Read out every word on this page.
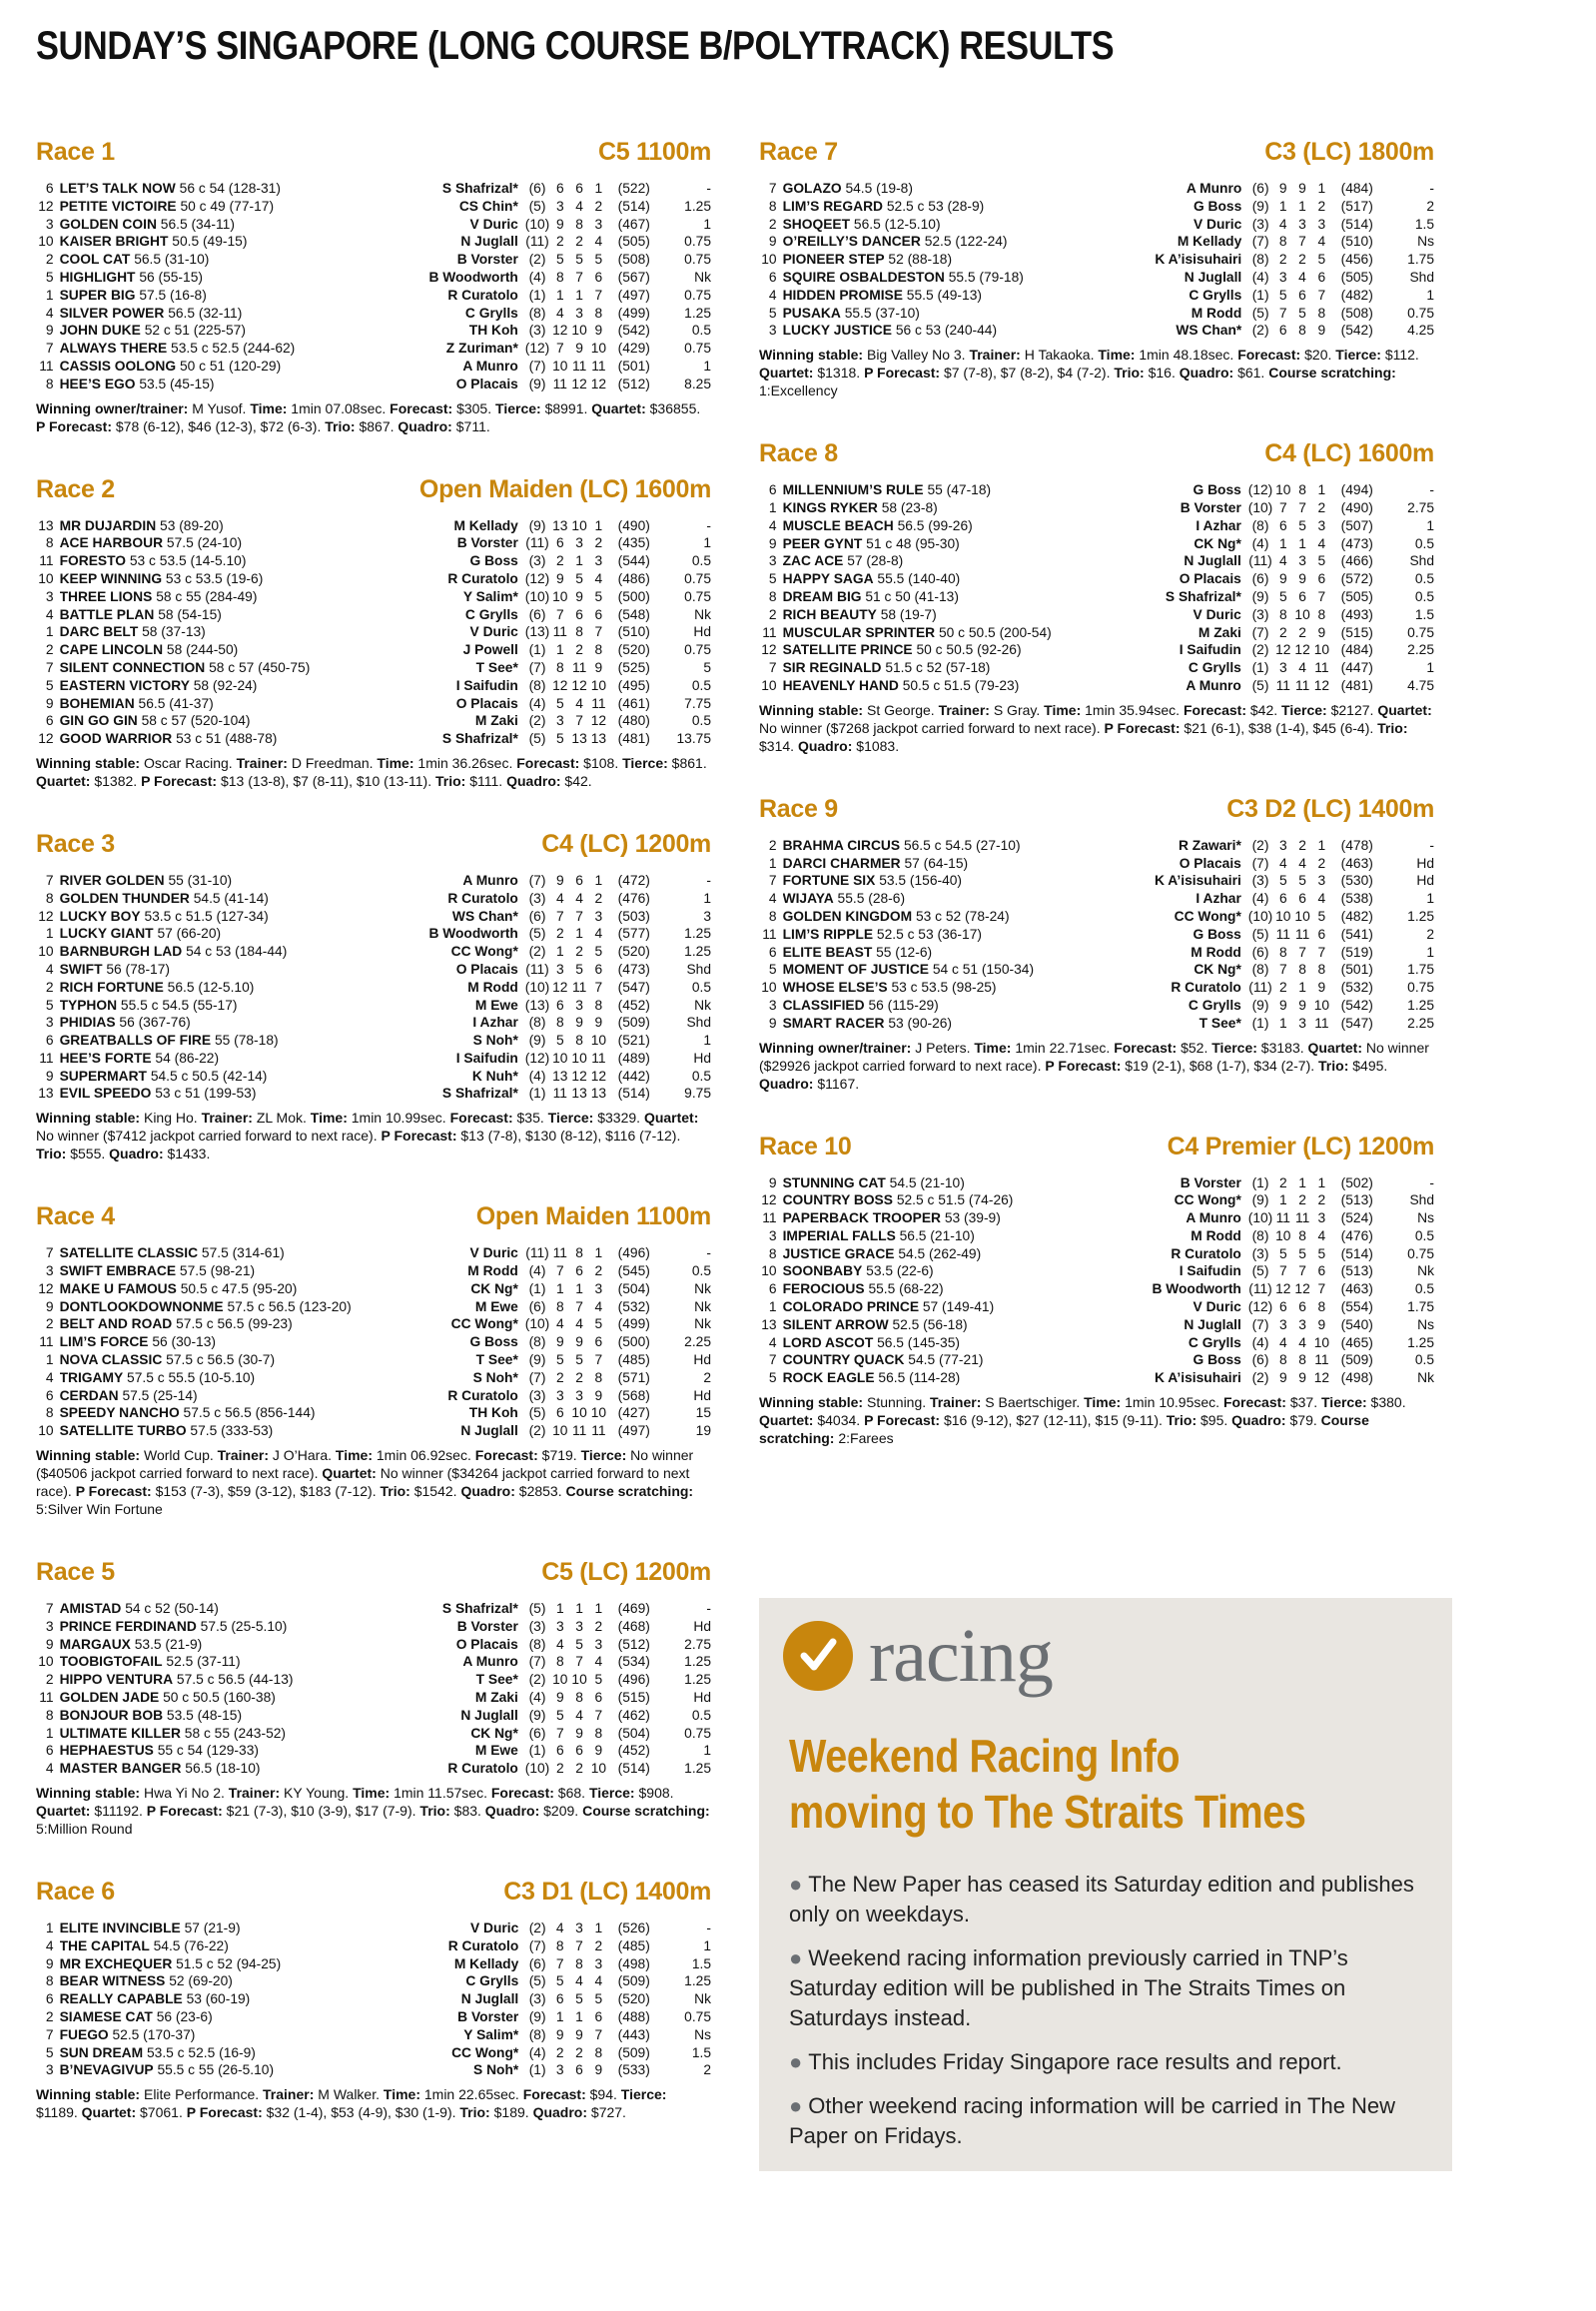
SUNDAY’S SINGAPORE (LONG COURSE B/POLYTRACK) RESULTS
Race 1	C5 1100m
6	LET’S TALK NOW 56 c 54 (128-31)	S Shafrizal*	(6)	6	6	1	(522)	-
12	PETITE VICTOIRE 50 c 49 (77-17)	CS Chin*	(5)	3	4	2	(514)	1.25
3	GOLDEN COIN 56.5 (34-11)	V Duric	(10)	9	8	3	(467)	1
10	KAISER BRIGHT 50.5 (49-15)	N Juglall	(11)	2	2	4	(505)	0.75
2	COOL CAT 56.5 (31-10)	B Vorster	(2)	5	5	5	(508)	0.75
5	HIGHLIGHT 56 (55-15)	B Woodworth	(4)	8	7	6	(567)	Nk
1	SUPER BIG 57.5 (16-8)	R Curatolo	(1)	1	1	7	(497)	0.75
4	SILVER POWER 56.5 (32-11)	C Grylls	(8)	4	3	8	(499)	1.25
9	JOHN DUKE 52 c 51 (225-57)	TH Koh	(3)	12	10	9	(542)	0.5
7	ALWAYS THERE 53.5 c 52.5 (244-62)	Z Zuriman*	(12)	7	9	10	(429)	0.75
11	CASSIS OOLONG 50 c 51 (120-29)	A Munro	(7)	10	11	11	(501)	1
8	HEE’S EGO 53.5 (45-15)	O Placais	(9)	11	12	12	(512)	8.25
Winning owner/trainer: M Yusof. Time: 1min 07.08sec. Forecast: $305. Tierce: $8991. Quartet: $36855. P Forecast: $78 (6-12), $46 (12-3), $72 (6-3). Trio: $867. Quadro: $711.
Race 2	Open Maiden (LC) 1600m
13	MR DUJARDIN 53 (89-20)	M Kellady	(9)	13	10	1	(490)	-
8	ACE HARBOUR 57.5 (24-10)	B Vorster	(11)	6	3	2	(435)	1
11	FORESTO 53 c 53.5 (14-5.10)	G Boss	(3)	2	1	3	(544)	0.5
10	KEEP WINNING 53 c 53.5 (19-6)	R Curatolo	(12)	9	5	4	(486)	0.75
3	THREE LIONS 58 c 55 (284-49)	Y Salim*	(10)	10	9	5	(500)	0.75
4	BATTLE PLAN 58 (54-15)	C Grylls	(6)	7	6	6	(548)	Nk
1	DARC BELT 58 (37-13)	V Duric	(13)	11	8	7	(510)	Hd
2	CAPE LINCOLN 58 (244-50)	J Powell	(1)	1	2	8	(520)	0.75
7	SILENT CONNECTION 58 c 57 (450-75)	T See*	(7)	8	11	9	(525)	5
5	EASTERN VICTORY 58 (92-24)	I Saifudin	(8)	12	12	10	(495)	0.5
9	BOHEMIAN 56.5 (41-37)	O Placais	(4)	5	4	11	(461)	7.75
6	GIN GO GIN 58 c 57 (520-104)	M Zaki	(2)	3	7	12	(480)	0.5
12	GOOD WARRIOR 53 c 51 (488-78)	S Shafrizal*	(5)	5	13	13	(481)	13.75
Winning stable: Oscar Racing. Trainer: D Freedman. Time: 1min 36.26sec. Forecast: $108. Tierce: $861. Quartet: $1382. P Forecast: $13 (13-8), $7 (8-11), $10 (13-11). Trio: $111. Quadro: $42.
Race 3	C4 (LC) 1200m
7	RIVER GOLDEN 55 (31-10)	A Munro	(7)	9	6	1	(472)	-
8	GOLDEN THUNDER 54.5 (41-14)	R Curatolo	(3)	4	4	2	(476)	1
12	LUCKY BOY 53.5 c 51.5 (127-34)	WS Chan*	(6)	7	7	3	(503)	3
1	LUCKY GIANT 57 (66-20)	B Woodworth	(5)	2	1	4	(577)	1.25
10	BARNBURGH LAD 54 c 53 (184-44)	CC Wong*	(2)	1	2	5	(520)	1.25
4	SWIFT 56 (78-17)	O Placais	(11)	3	5	6	(473)	Shd
2	RICH FORTUNE 56.5 (12-5.10)	M Rodd	(10)	12	11	7	(547)	0.5
5	TYPHON 55.5 c 54.5 (55-17)	M Ewe	(13)	6	3	8	(452)	Nk
3	PHIDIAS 56 (367-76)	I Azhar	(8)	8	9	9	(509)	Shd
6	GREATBALLS OF FIRE 55 (78-18)	S Noh*	(9)	5	8	10	(521)	1
11	HEE’S FORTE 54 (86-22)	I Saifudin	(12)	10	10	11	(489)	Hd
9	SUPERMART 54.5 c 50.5 (42-14)	K Nuh*	(4)	13	12	12	(442)	0.5
13	EVIL SPEEDO 53 c 51 (199-53)	S Shafrizal*	(1)	11	13	13	(514)	9.75
Winning stable: King Ho. Trainer: ZL Mok. Time: 1min 10.99sec. Forecast: $35. Tierce: $3329. Quartet: No winner ($7412 jackpot carried forward to next race). P Forecast: $13 (7-8), $130 (8-12), $116 (7-12). Trio: $555. Quadro: $1433.
Race 4	Open Maiden 1100m
7	SATELLITE CLASSIC 57.5 (314-61)	V Duric	(11)	11	8	1	(496)	-
3	SWIFT EMBRACE 57.5 (98-21)	M Rodd	(4)	7	6	2	(545)	0.5
12	MAKE U FAMOUS 50.5 c 47.5 (95-20)	CK Ng*	(1)	1	1	3	(504)	Nk
9	DONTLOOKDOWNONME 57.5 c 56.5 (123-20)	M Ewe	(6)	8	7	4	(532)	Nk
2	BELT AND ROAD 57.5 c 56.5 (99-23)	CC Wong*	(10)	4	4	5	(499)	Nk
11	LIM’S FORCE 56 (30-13)	G Boss	(8)	9	9	6	(500)	2.25
1	NOVA CLASSIC 57.5 c 56.5 (30-7)	T See*	(9)	5	5	7	(485)	Hd
4	TRIGAMY 57.5 c 55.5 (10-5.10)	S Noh*	(7)	2	2	8	(571)	2
6	CERDAN 57.5 (25-14)	R Curatolo	(3)	3	3	9	(568)	Hd
8	SPEEDY NANCHO 57.5 c 56.5 (856-144)	TH Koh	(5)	6	10	10	(427)	15
10	SATELLITE TURBO 57.5 (333-53)	N Juglall	(2)	10	11	11	(497)	19
Winning stable: World Cup. Trainer: J O’Hara. Time: 1min 06.92sec. Forecast: $719. Tierce: No winner ($40506 jackpot carried forward to next race). Quartet: No winner ($34264 jackpot carried forward to next race). P Forecast: $153 (7-3), $59 (3-12), $183 (7-12). Trio: $1542. Quadro: $2853. Course scratching: 5:Silver Win Fortune
Race 5	C5 (LC) 1200m
7	AMISTAD 54 c 52 (50-14)	S Shafrizal*	(5)	1	1	1	(469)	-
3	PRINCE FERDINAND 57.5 (25-5.10)	B Vorster	(3)	3	3	2	(468)	Hd
9	MARGAUX 53.5 (21-9)	O Placais	(8)	4	5	3	(512)	2.75
10	TOOBIGTOFAIL 52.5 (37-11)	A Munro	(7)	8	7	4	(534)	1.25
2	HIPPO VENTURA 57.5 c 56.5 (44-13)	T See*	(2)	10	10	5	(496)	1.25
11	GOLDEN JADE 50 c 50.5 (160-38)	M Zaki	(4)	9	8	6	(515)	Hd
8	BONJOUR BOB 53.5 (48-15)	N Juglall	(9)	5	4	7	(462)	0.5
1	ULTIMATE KILLER 58 c 55 (243-52)	CK Ng*	(6)	7	9	8	(504)	0.75
6	HEPHAESTUS 55 c 54 (129-33)	M Ewe	(1)	6	6	9	(452)	1
4	MASTER BANGER 56.5 (18-10)	R Curatolo	(10)	2	2	10	(514)	1.25
Winning stable: Hwa Yi No 2. Trainer: KY Young. Time: 1min 11.57sec. Forecast: $68. Tierce: $908. Quartet: $11192. P Forecast: $21 (7-3), $10 (3-9), $17 (7-9). Trio: $83. Quadro: $209. Course scratching: 5:Million Round
Race 6	C3 D1 (LC) 1400m
1	ELITE INVINCIBLE 57 (21-9)	V Duric	(2)	4	3	1	(526)	-
4	THE CAPITAL 54.5 (76-22)	R Curatolo	(7)	8	7	2	(485)	1
9	MR EXCHEQUER 51.5 c 52 (94-25)	M Kellady	(6)	7	8	3	(498)	1.5
8	BEAR WITNESS 52 (69-20)	C Grylls	(5)	5	4	4	(509)	1.25
6	REALLY CAPABLE 53 (60-19)	N Juglall	(3)	6	5	5	(520)	Nk
2	SIAMESE CAT 56 (23-6)	B Vorster	(9)	1	1	6	(488)	0.75
7	FUEGO 52.5 (170-37)	Y Salim*	(8)	9	9	7	(443)	Ns
5	SUN DREAM 53.5 c 52.5 (16-9)	CC Wong*	(4)	2	2	8	(509)	1.5
3	B’NEVAGIVUP 55.5 c 55 (26-5.10)	S Noh*	(1)	3	6	9	(533)	2
Winning stable: Elite Performance. Trainer: M Walker. Time: 1min 22.65sec. Forecast: $94. Tierce: $1189. Quartet: $7061. P Forecast: $32 (1-4), $53 (4-9), $30 (1-9). Trio: $189. Quadro: $727.
Race 7	C3 (LC) 1800m
7	GOLAZO 54.5 (19-8)	A Munro	(6)	9	9	1	(484)	-
8	LIM’S REGARD 52.5 c 53 (28-9)	G Boss	(9)	1	1	2	(517)	2
2	SHOQEET 56.5 (12-5.10)	V Duric	(3)	4	3	3	(514)	1.5
9	O’REILLY’S DANCER 52.5 (122-24)	M Kellady	(7)	8	7	4	(510)	Ns
10	PIONEER STEP 52 (88-18)	K A’isisuhairi	(8)	2	2	5	(456)	1.75
6	SQUIRE OSBALDESTON 55.5 (79-18)	N Juglall	(4)	3	4	6	(505)	Shd
4	HIDDEN PROMISE 55.5 (49-13)	C Grylls	(1)	5	6	7	(482)	1
5	PUSAKA 55.5 (37-10)	M Rodd	(5)	7	5	8	(508)	0.75
3	LUCKY JUSTICE 56 c 53 (240-44)	WS Chan*	(2)	6	8	9	(542)	4.25
Winning stable: Big Valley No 3. Trainer: H Takaoka. Time: 1min 48.18sec. Forecast: $20. Tierce: $112. Quartet: $1318. P Forecast: $7 (7-8), $7 (8-2), $4 (7-2). Trio: $16. Quadro: $61. Course scratching: 1:Excellency
Race 8	C4 (LC) 1600m
6	MILLENNIUM’S RULE 55 (47-18)	G Boss	(12)	10	8	1	(494)	-
1	KINGS RYKER 58 (23-8)	B Vorster	(10)	7	7	2	(490)	2.75
4	MUSCLE BEACH 56.5 (99-26)	I Azhar	(8)	6	5	3	(507)	1
9	PEER GYNT 51 c 48 (95-30)	CK Ng*	(4)	1	1	4	(473)	0.5
3	ZAC ACE 57 (28-8)	N Juglall	(11)	4	3	5	(466)	Shd
5	HAPPY SAGA 55.5 (140-40)	O Placais	(6)	9	9	6	(572)	0.5
8	DREAM BIG 51 c 50 (41-13)	S Shafrizal*	(9)	5	6	7	(505)	0.5
2	RICH BEAUTY 58 (19-7)	V Duric	(3)	8	10	8	(493)	1.5
11	MUSCULAR SPRINTER 50 c 50.5 (200-54)	M Zaki	(7)	2	2	9	(515)	0.75
12	SATELLITE PRINCE 50 c 50.5 (92-26)	I Saifudin	(2)	12	12	10	(484)	2.25
7	SIR REGINALD 51.5 c 52 (57-18)	C Grylls	(1)	3	4	11	(447)	1
10	HEAVENLY HAND 50.5 c 51.5 (79-23)	A Munro	(5)	11	11	12	(481)	4.75
Winning stable: St George. Trainer: S Gray. Time: 1min 35.94sec. Forecast: $42. Tierce: $2127. Quartet: No winner ($7268 jackpot carried forward to next race). P Forecast: $21 (6-1), $38 (1-4), $45 (6-4). Trio: $314. Quadro: $1083.
Race 9	C3 D2 (LC) 1400m
2	BRAHMA CIRCUS 56.5 c 54.5 (27-10)	R Zawari*	(2)	3	2	1	(478)	-
1	DARCI CHARMER 57 (64-15)	O Placais	(7)	4	4	2	(463)	Hd
7	FORTUNE SIX 53.5 (156-40)	K A’isisuhairi	(3)	5	5	3	(530)	Hd
4	WIJAYA 55.5 (28-6)	I Azhar	(4)	6	6	4	(538)	1
8	GOLDEN KINGDOM 53 c 52 (78-24)	CC Wong*	(10)	10	10	5	(482)	1.25
11	LIM’S RIPPLE 52.5 c 53 (36-17)	G Boss	(5)	11	11	6	(541)	2
6	ELITE BEAST 55 (12-6)	M Rodd	(6)	8	7	7	(519)	1
5	MOMENT OF JUSTICE 54 c 51 (150-34)	CK Ng*	(8)	7	8	8	(501)	1.75
10	WHOSE ELSE’S 53 c 53.5 (98-25)	R Curatolo	(11)	2	1	9	(532)	0.75
3	CLASSIFIED 56 (115-29)	C Grylls	(9)	9	9	10	(542)	1.25
9	SMART RACER 53 (90-26)	T See*	(1)	1	3	11	(547)	2.25
Winning owner/trainer: J Peters. Time: 1min 22.71sec. Forecast: $52. Tierce: $3183. Quartet: No winner ($29926 jackpot carried forward to next race). P Forecast: $19 (2-1), $68 (1-7), $34 (2-7). Trio: $495. Quadro: $1167.
Race 10	C4 Premier (LC) 1200m
9	STUNNING CAT 54.5 (21-10)	B Vorster	(1)	2	1	1	(502)	-
12	COUNTRY BOSS 52.5 c 51.5 (74-26)	CC Wong*	(9)	1	2	2	(513)	Shd
11	PAPERBACK TROOPER 53 (39-9)	A Munro	(10)	11	11	3	(524)	Ns
3	IMPERIAL FALLS 56.5 (21-10)	M Rodd	(8)	10	8	4	(476)	0.5
8	JUSTICE GRACE 54.5 (262-49)	R Curatolo	(3)	5	5	5	(514)	0.75
10	SOONBABY 53.5 (22-6)	I Saifudin	(5)	7	7	6	(513)	Nk
6	FEROCIOUS 55.5 (68-22)	B Woodworth	(11)	12	12	7	(463)	0.5
1	COLORADO PRINCE 57 (149-41)	V Duric	(12)	6	6	8	(554)	1.75
13	SILENT ARROW 52.5 (56-18)	N Juglall	(7)	3	3	9	(540)	Ns
4	LORD ASCOT 56.5 (145-35)	C Grylls	(4)	4	4	10	(465)	1.25
7	COUNTRY QUACK 54.5 (77-21)	G Boss	(6)	8	8	11	(509)	0.5
5	ROCK EAGLE 56.5 (114-28)	K A’isisuhairi	(2)	9	9	12	(498)	Nk
Winning stable: Stunning. Trainer: S Baertschiger. Time: 1min 10.95sec. Forecast: $37. Tierce: $380. Quartet: $4034. P Forecast: $16 (9-12), $27 (12-11), $15 (9-11). Trio: $95. Quadro: $79. Course scratching: 2:Farees
racing
Weekend Racing Info
moving to The Straits Times
● The New Paper has ceased its Saturday edition and publishes only on weekdays.
● Weekend racing information previously carried in TNP’s Saturday edition will be published in The Straits Times on Saturdays instead.
● This includes Friday Singapore race results and report.
● Other weekend racing information will be carried in The New Paper on Fridays.
